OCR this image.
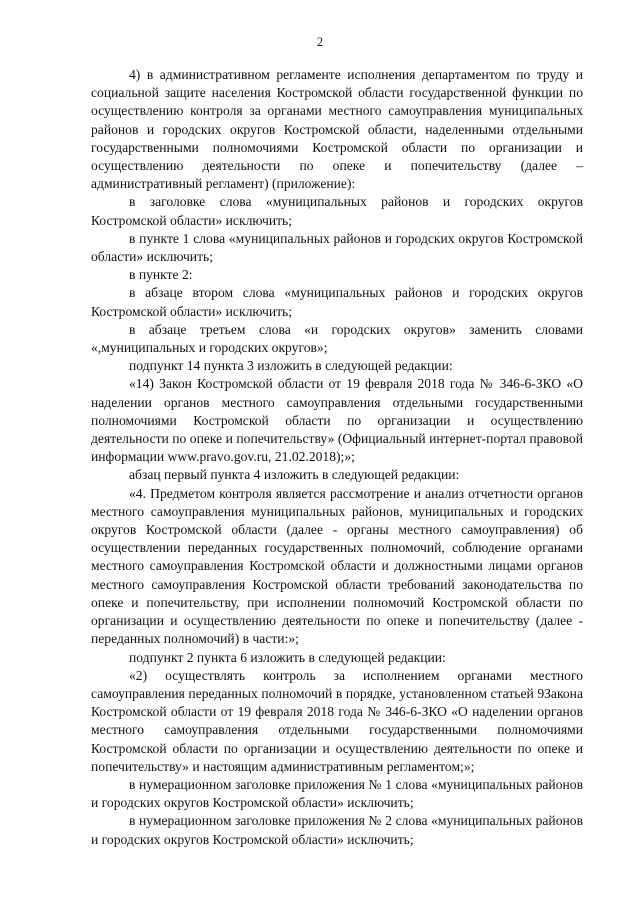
2

4) в административном регламенте исполнения департаментом по труду и социальной защите населения Костромской области государственной функции по осуществлению контроля за органами местного самоуправления муниципальных районов и городских округов Костромской области, наделенными отдельными государственными полномочиями Костромской области по организации и осуществлению деятельности по опеке и попечительству (далее – административный регламент) (приложение):

в заголовке слова «муниципальных районов и городских округов Костромской области» исключить;

в пункте 1 слова «муниципальных районов и городских округов Костромской области» исключить;

в пункте 2:

в абзаце втором слова «муниципальных районов и городских округов Костромской области» исключить;

в абзаце третьем слова «и городских округов» заменить словами «,муниципальных и городских округов»;

подпункт 14 пункта 3 изложить в следующей редакции:

«14) Закон Костромской области от 19 февраля 2018 года № 346-6-ЗКО «О наделении органов местного самоуправления отдельными государственными полномочиями Костромской области по организации и осуществлению деятельности по опеке и попечительству» (Официальный интернет-портал правовой информации www.pravo.gov.ru, 21.02.2018);»;

абзац первый пункта 4 изложить в следующей редакции:

«4. Предметом контроля является рассмотрение и анализ отчетности органов местного самоуправления муниципальных районов, муниципальных и городских округов Костромской области (далее - органы местного самоуправления) об осуществлении переданных государственных полномочий, соблюдение органами местного самоуправления Костромской области и должностными лицами органов местного самоуправления Костромской области требований законодательства по опеке и попечительству, при исполнении полномочий Костромской области по организации и осуществлению деятельности по опеке и попечительству (далее - переданных полномочий) в части:»;

подпункт 2 пункта 6 изложить в следующей редакции:

«2) осуществлять контроль за исполнением органами местного самоуправления переданных полномочий в порядке, установленном статьей 9Закона Костромской области от 19 февраля 2018 года № 346-6-ЗКО «О наделении органов местного самоуправления отдельными государственными полномочиями Костромской области по организации и осуществлению деятельности по опеке и попечительству» и настоящим административным регламентом;»;

в нумерационном заголовке приложения № 1 слова «муниципальных районов и городских округов Костромской области» исключить;

в нумерационном заголовке приложения № 2 слова «муниципальных районов и городских округов Костромской области» исключить;
